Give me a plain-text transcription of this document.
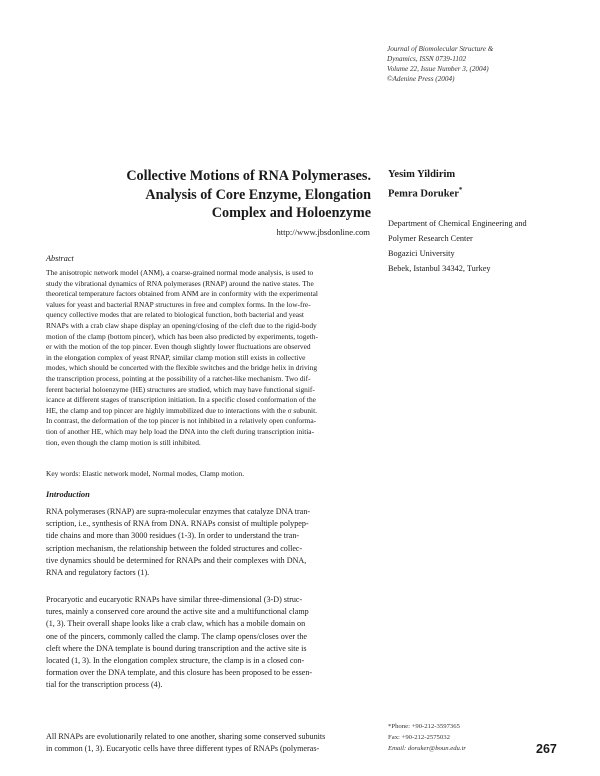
Journal of Biomolecular Structure &
Dynamics, ISSN 0739-1102
Volume 22, Issue Number 3, (2004)
©Adenine Press (2004)
Collective Motions of RNA Polymerases.
Analysis of Core Enzyme, Elongation
Complex and Holoenzyme
Yesim Yildirim
Pemra Doruker*
Department of Chemical Engineering and
Polymer Research Center
Bogazici University
Bebek, Istanbul 34342, Turkey
http://www.jbsdonline.com
Abstract
The anisotropic network model (ANM), a coarse-grained normal mode analysis, is used to
study the vibrational dynamics of RNA polymerases (RNAP) around the native states. The
theoretical temperature factors obtained from ANM are in conformity with the experimental
values for yeast and bacterial RNAP structures in free and complex forms. In the low-fre-
quency collective modes that are related to biological function, both bacterial and yeast
RNAPs with a crab claw shape display an opening/closing of the cleft due to the rigid-body
motion of the clamp (bottom pincer), which has been also predicted by experiments, togeth-
er with the motion of the top pincer. Even though slightly lower fluctuations are observed
in the elongation complex of yeast RNAP, similar clamp motion still exists in collective
modes, which should be concerted with the flexible switches and the bridge helix in driving
the transcription process, pointing at the possibility of a ratchet-like mechanism. Two dif-
ferent bacterial holoenzyme (HE) structures are studied, which may have functional signif-
icance at different stages of transcription initiation. In a specific closed conformation of the
HE, the clamp and top pincer are highly immobilized due to interactions with the σ subunit.
In contrast, the deformation of the top pincer is not inhibited in a relatively open conforma-
tion of another HE, which may help load the DNA into the cleft during transcription initia-
tion, even though the clamp motion is still inhibited.
Key words: Elastic network model, Normal modes, Clamp motion.
Introduction
RNA polymerases (RNAP) are supra-molecular enzymes that catalyze DNA tran-
scription, i.e., synthesis of RNA from DNA. RNAPs consist of multiple polypep-
tide chains and more than 3000 residues (1-3). In order to understand the tran-
scription mechanism, the relationship between the folded structures and collec-
tive dynamics should be determined for RNAPs and their complexes with DNA,
RNA and regulatory factors (1).
Procaryotic and eucaryotic RNAPs have similar three-dimensional (3-D) struc-
tures, mainly a conserved core around the active site and a multifunctional clamp
(1, 3). Their overall shape looks like a crab claw, which has a mobile domain on
one of the pincers, commonly called the clamp. The clamp opens/closes over the
cleft where the DNA template is bound during transcription and the active site is
located (1, 3). In the elongation complex structure, the clamp is in a closed con-
formation over the DNA template, and this closure has been proposed to be essen-
tial for the transcription process (4).
All RNAPs are evolutionarily related to one another, sharing some conserved subunits
in common (1, 3). Eucaryotic cells have three different types of RNAPs (polymeras-
*Phone: +90-212-3597365
Fax: +90-212-2575032
Email: doruker@boun.edu.tr	267
